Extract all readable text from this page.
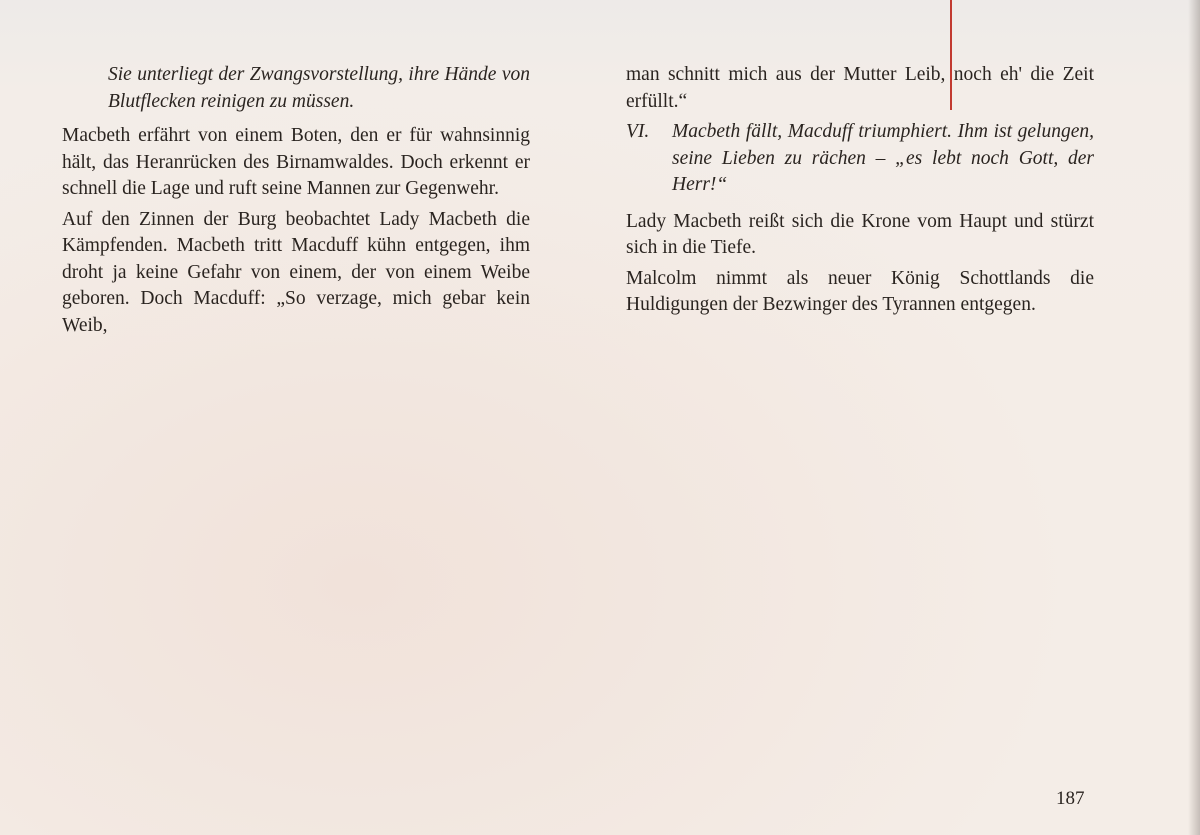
Sie unterliegt der Zwangsvorstellung, ihre Hände von Blutflecken reinigen zu müssen.

Macbeth erfährt von einem Boten, den er für wahnsinnig hält, das Heranrücken des Birnamwaldes. Doch erkennt er schnell die Lage und ruft seine Mannen zur Gegenwehr.

Auf den Zinnen der Burg beobachtet Lady Macbeth die Kämpfenden. Macbeth tritt Macduff kühn entgegen, ihm droht ja keine Gefahr von einem, der von einem Weibe geboren. Doch Macduff: „So verzage, mich gebar kein Weib,

man schnitt mich aus der Mutter Leib, noch eh' die Zeit erfüllt.“

VI.	Macbeth fällt, Macduff triumphiert. Ihm ist gelungen, seine Lieben zu rächen – „es lebt noch Gott, der Herr!“

Lady Macbeth reißt sich die Krone vom Haupt und stürzt sich in die Tiefe.

Malcolm nimmt als neuer König Schottlands die Huldigungen der Bezwinger des Tyrannen entgegen.

187
